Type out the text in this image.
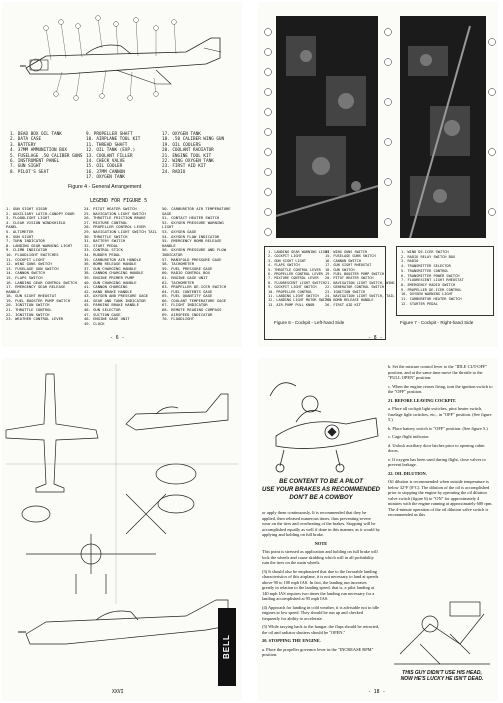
1. DEAD BOX OIL TANK
2. DATA CASE
3. BATTERY
4. 37MM AMMUNITION BOX
5. FUSELAGE .50 CALIBER GUNS
6. INSTRUMENT PANEL
7. GUN SIGHT
8. PILOT'S SEAT
9. PROPELLER SHAFT
10. AIRPLANE TOOL KIT
11. THREAD SHAFT
12. OIL TANK (EXP.)
13. COOLANT FILLER
14. CHECK VALVE
15. OIL COOLER
16. 37MM CANNON
17. OXYGEN TANK
17. OXYGEN TANK
18. .50 CALIBER WING GUN
19. OIL COOLERS
20. COOLANT RADIATOR
21. ENGINE TOOL KIT
22. WING OXYGEN TANK
23. FIRST AID KIT
24. RADIO
Figure 4 - General Arrangement
LEGEND FOR FIGURE 5
1. GUN SIGHT VISOR
2. AUXILIARY LATCH-CANOPY DOOR
3. FLOODLIGHT LIGHT
4. CLEAR VISION WINDSHIELD
PANEL
5. ALTIMETER
6. GUN SIGHT
7. TURN INDICATOR
8. LANDING GEAR WARNING LIGHT
9. CLIMB INDICATOR
10. FLOODLIGHT SWITCHES
11. COCKPIT LIGHT
12. WING GUNS SWITCH
13. FUSELAGE GUN SWITCH
14. CANNON SWITCH
15. FLAPS SWITCH
16. LANDING GEAR CONTROL SWITCH
17. EMERGENCY GEAR RELEASE
HANDLE
18. GUN SIGHT RHEOSTAT
19. FUEL BOOSTER PUMP SWITCH
20. IGNITION SWITCH
21. THROTTLE CONTROL
22. IGNITION SWITCH
23. WEATHER CONTROL LEVER
24. PITOT HEATER SWITCH
25. NAVIGATION LIGHT SWITCH
26. THROTTLE FRICTION BRAKE
27. MIXTURE CONTROL
28. PROPELLER CONTROL LEVER
29. NAVIGATION LIGHT SWITCH TAIL
30. THROTTLE SWITCH
31. BATTERY SWITCH
32. START PEDAL
33. CONTROL STICK
34. RUDDER PEDAL
35. CARBURETOR AIR HANDLE
36. BOMB RELEASE HANDLE
37. GUN CHARGING HANDLE
38. CANNON CHARGING HANDLE
39. ENGINE PRIMER PUMP
40. GUN CHARGING HANDLE
41. CANNON CHARGING
42. HAND BRAKE HANDLE
43. OXYGEN AND PRESSURE GAGE
44. GEAR AND TANK INDICATOR
45. PARKING BRAKE HANDLE
46. GUN SELECTOR
47. SUCTION GAGE
48. ENGINE GAGE UNIT
49. CLOCK
50. CARBURETOR AIR TEMPERATURE
GAGE
51. CONTACT HEATER SWITCH
52. OXYGEN PRESSURE WARNING
LIGHT
53. OXYGEN GAGE
54. OXYGEN FLOW INDICATOR
55. EMERGENCY BOMB RELEASE
HANDLE
56. OXYGEN PRESSURE AND FLOW
INDICATOR
57. MANIFOLD PRESSURE GAGE
58. TACHOMETER
59. FUEL PRESSURE GAGE
60. RADIO CONTROL BOX
61. ENGINE GAGE UNIT
62. TACHOMETER
63. PROPELLER DE-ICER SWITCH
64. FUEL CONTENTS GAGE
65. FUEL QUANTITY GAGE
66. COOLANT TEMPERATURE GAGE
67. FLIGHT INDICATOR
68. REMOTE READING COMPASS
69. AIRSPEED INDICATOR
70. FLOODLIGHT
- 6 -
1. LANDING GEAR WARNING LIGHT
2. COCKPIT LIGHT
3. GUN SIGHT LIGHT
4. FLAPS SWITCH
5. THROTTLE CONTROL LEVER
6. PROPELLER CONTROL LEVER
7. MIXTURE CONTROL LEVER
8. FLUORESCENT LIGHT SWITCH
9. COCKPIT LIGHT SWITCH
10. PROPELLER CONTROL
11. LANDING LIGHT SWITCH
12. LANDING LIGHT MOTOR SWITCH
13. AIR-PUMP PULL KNOB
14. WING GUNS SWITCH
15. FUSELAGE GUNS SWITCH
16. CANNON SWITCH
17. GUN SIGHT RHEOSTAT
18. GUN SWITCH
19. FUEL BOOSTER PUMP SWITCH
20. PITOT HEATER SWITCH
21. NAVIGATION LIGHT SWITCH, WING
22. GENERATOR CONTROL SWITCH
23. IGNITION SWITCH
24. NAVIGATION LIGHT SWITCH, TAIL
25. BOMB RELEASE HANDLE
26. FIRST AID KIT
1. WIND DE-ICER SWITCH
2. RADIO RELAY SWITCH BOX
3. RADIO
4. TRANSMITTER SELECTOR
5. TRANSMITTER CONTROL
6. TRANSMITTER POWER SWITCH
7. FLUORESCENT LIGHT RHEOSTAT
8. EMERGENCY RADIO SWITCH
9. PROPELLER DE-ICER CONTROL
10. OXYGEN WARNING LIGHT
11. CARBURETOR HEATER SWITCH
12. STARTER PEDAL
Figure 6 - Cockpit - Left-hand Side	Figure 7 - Cockpit - Right-hand Side
- 8 -
BELL AIRACOBRA P-
XXVI
BE CONTENT TO BE A PILOT
USE YOUR BRAKES AS RECOMMENDED
DON'T BE A COWBOY

or apply them continuously. It is recommended that they be applied, then released numerous times, thus preventing severe wear on the tires and overheating of the brakes. Stopping will be accomplished equally as well if done in this manner, as it would by applying and holding on full brake.

NOTE

This point is stressed as application and holding on full brake will lock the wheels and cause skidding which will in all probability ruin the tires on the main wheels.

(3) It should also be emphasized that due to the favorable landing characteristics of this airplane, it is not necessary to land at speeds above 90 to 100 mph IAS. In fact, the landing run increases greatly in relation to the landing speed, that is, a pilot landing at 140 mph IAS requires two times the landing run necessary for a landing accomplished at 95 mph IAS.

(4) Approach for landing in cold weather, it is advisable not to idle engines at low speed. They should be run up and checked frequently for ability to accelerate.

(5) While taxying back to the hangar, the flaps should be retracted, the oil and radiator shutters should be "OPEN."

20. STOPPING THE ENGINE.

a. Place the propeller governor lever in the "INCREASE RPM" position.

b. Set the mixture control lever to the "IDLE CUT-OFF" position, and at the same time move the throttle to the "FULL OPEN" position.

c. When the engine ceases firing, turn the ignition switch to the "OFF" position.

21. BEFORE LEAVING COCKPIT.

a. Place all cockpit light switches, pitot heater switch, fuselage light switches, etc., in "OFF" position. (See figure 5.)

b. Place battery switch to "OFF" position. (See figure 5.)

c. Cage flight indicator.

d. Unlock auxiliary door latches prior to opening cabin doors.

e. If oxygen has been used during flight, close valves to prevent leakage.

22. OIL DILUTION.

Oil dilution is recommended when outside temperature is below 32°F (0°C). The dilution of the oil is accomplished prior to stopping the engine by operating the oil dilution valve switch (figure 6) to "ON" for approximately 4 minutes with the engine running at approximately 600 rpm. The 4-minute operation of the oil dilution valve switch is recommended as this

THIS GUY DIDN'T USE HIS HEAD,
NOW HE'S LUCKY HE ISN'T DEAD.
- 18 -
